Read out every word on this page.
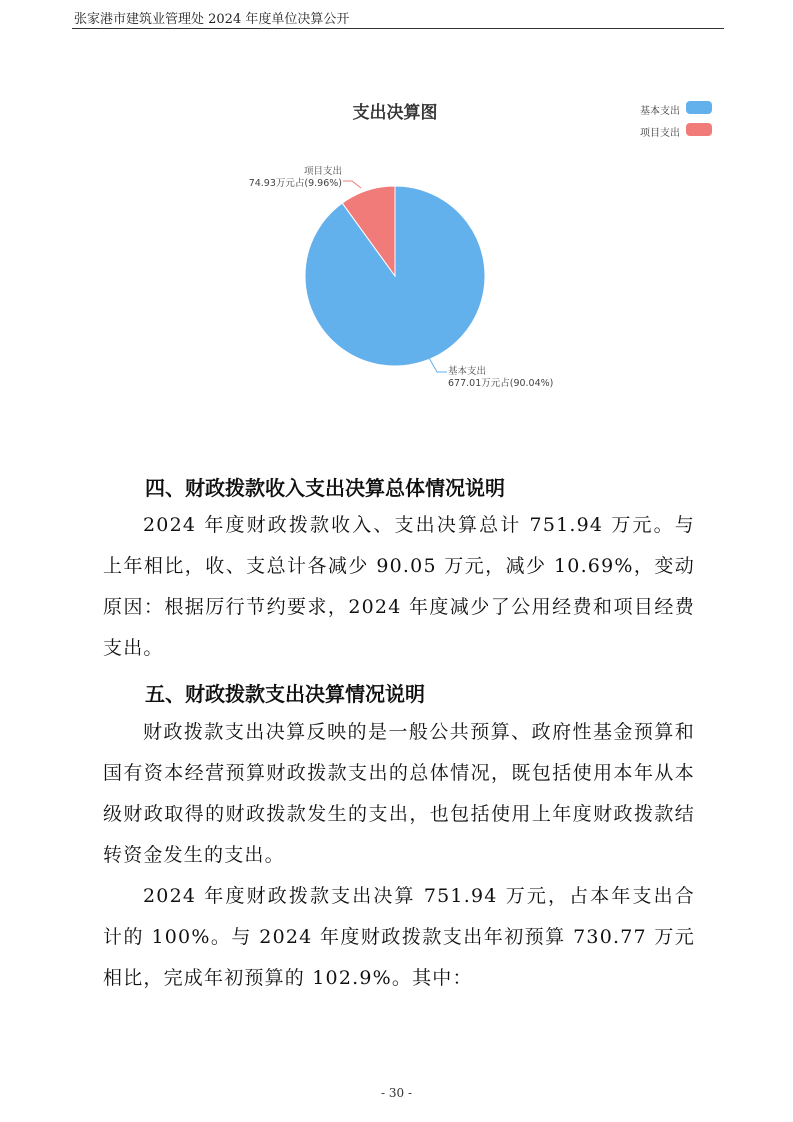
张家港市建筑业管理处 2024 年度单位决算公开
支出决算图	基本支出
项目支出
项目支出
74.93万元占(9.96%)
基本支出
677.01万元占(90.04%)
四、财政拨款收入支出决算总体情况说明
2024 年度财政拨款收入、支出决算总计 751.94 万元。与上年相比，收、支总计各减少 90.05 万元，减少 10.69%，变动原因：根据厉行节约要求，2024 年度减少了公用经费和项目经费支出。
五、财政拨款支出决算情况说明
财政拨款支出决算反映的是一般公共预算、政府性基金预算和国有资本经营预算财政拨款支出的总体情况，既包括使用本年从本级财政取得的财政拨款发生的支出，也包括使用上年度财政拨款结转资金发生的支出。
2024 年度财政拨款支出决算 751.94 万元，占本年支出合计的 100%。与 2024 年度财政拨款支出年初预算 730.77 万元相比，完成年初预算的 102.9%。其中：
- 30 -
